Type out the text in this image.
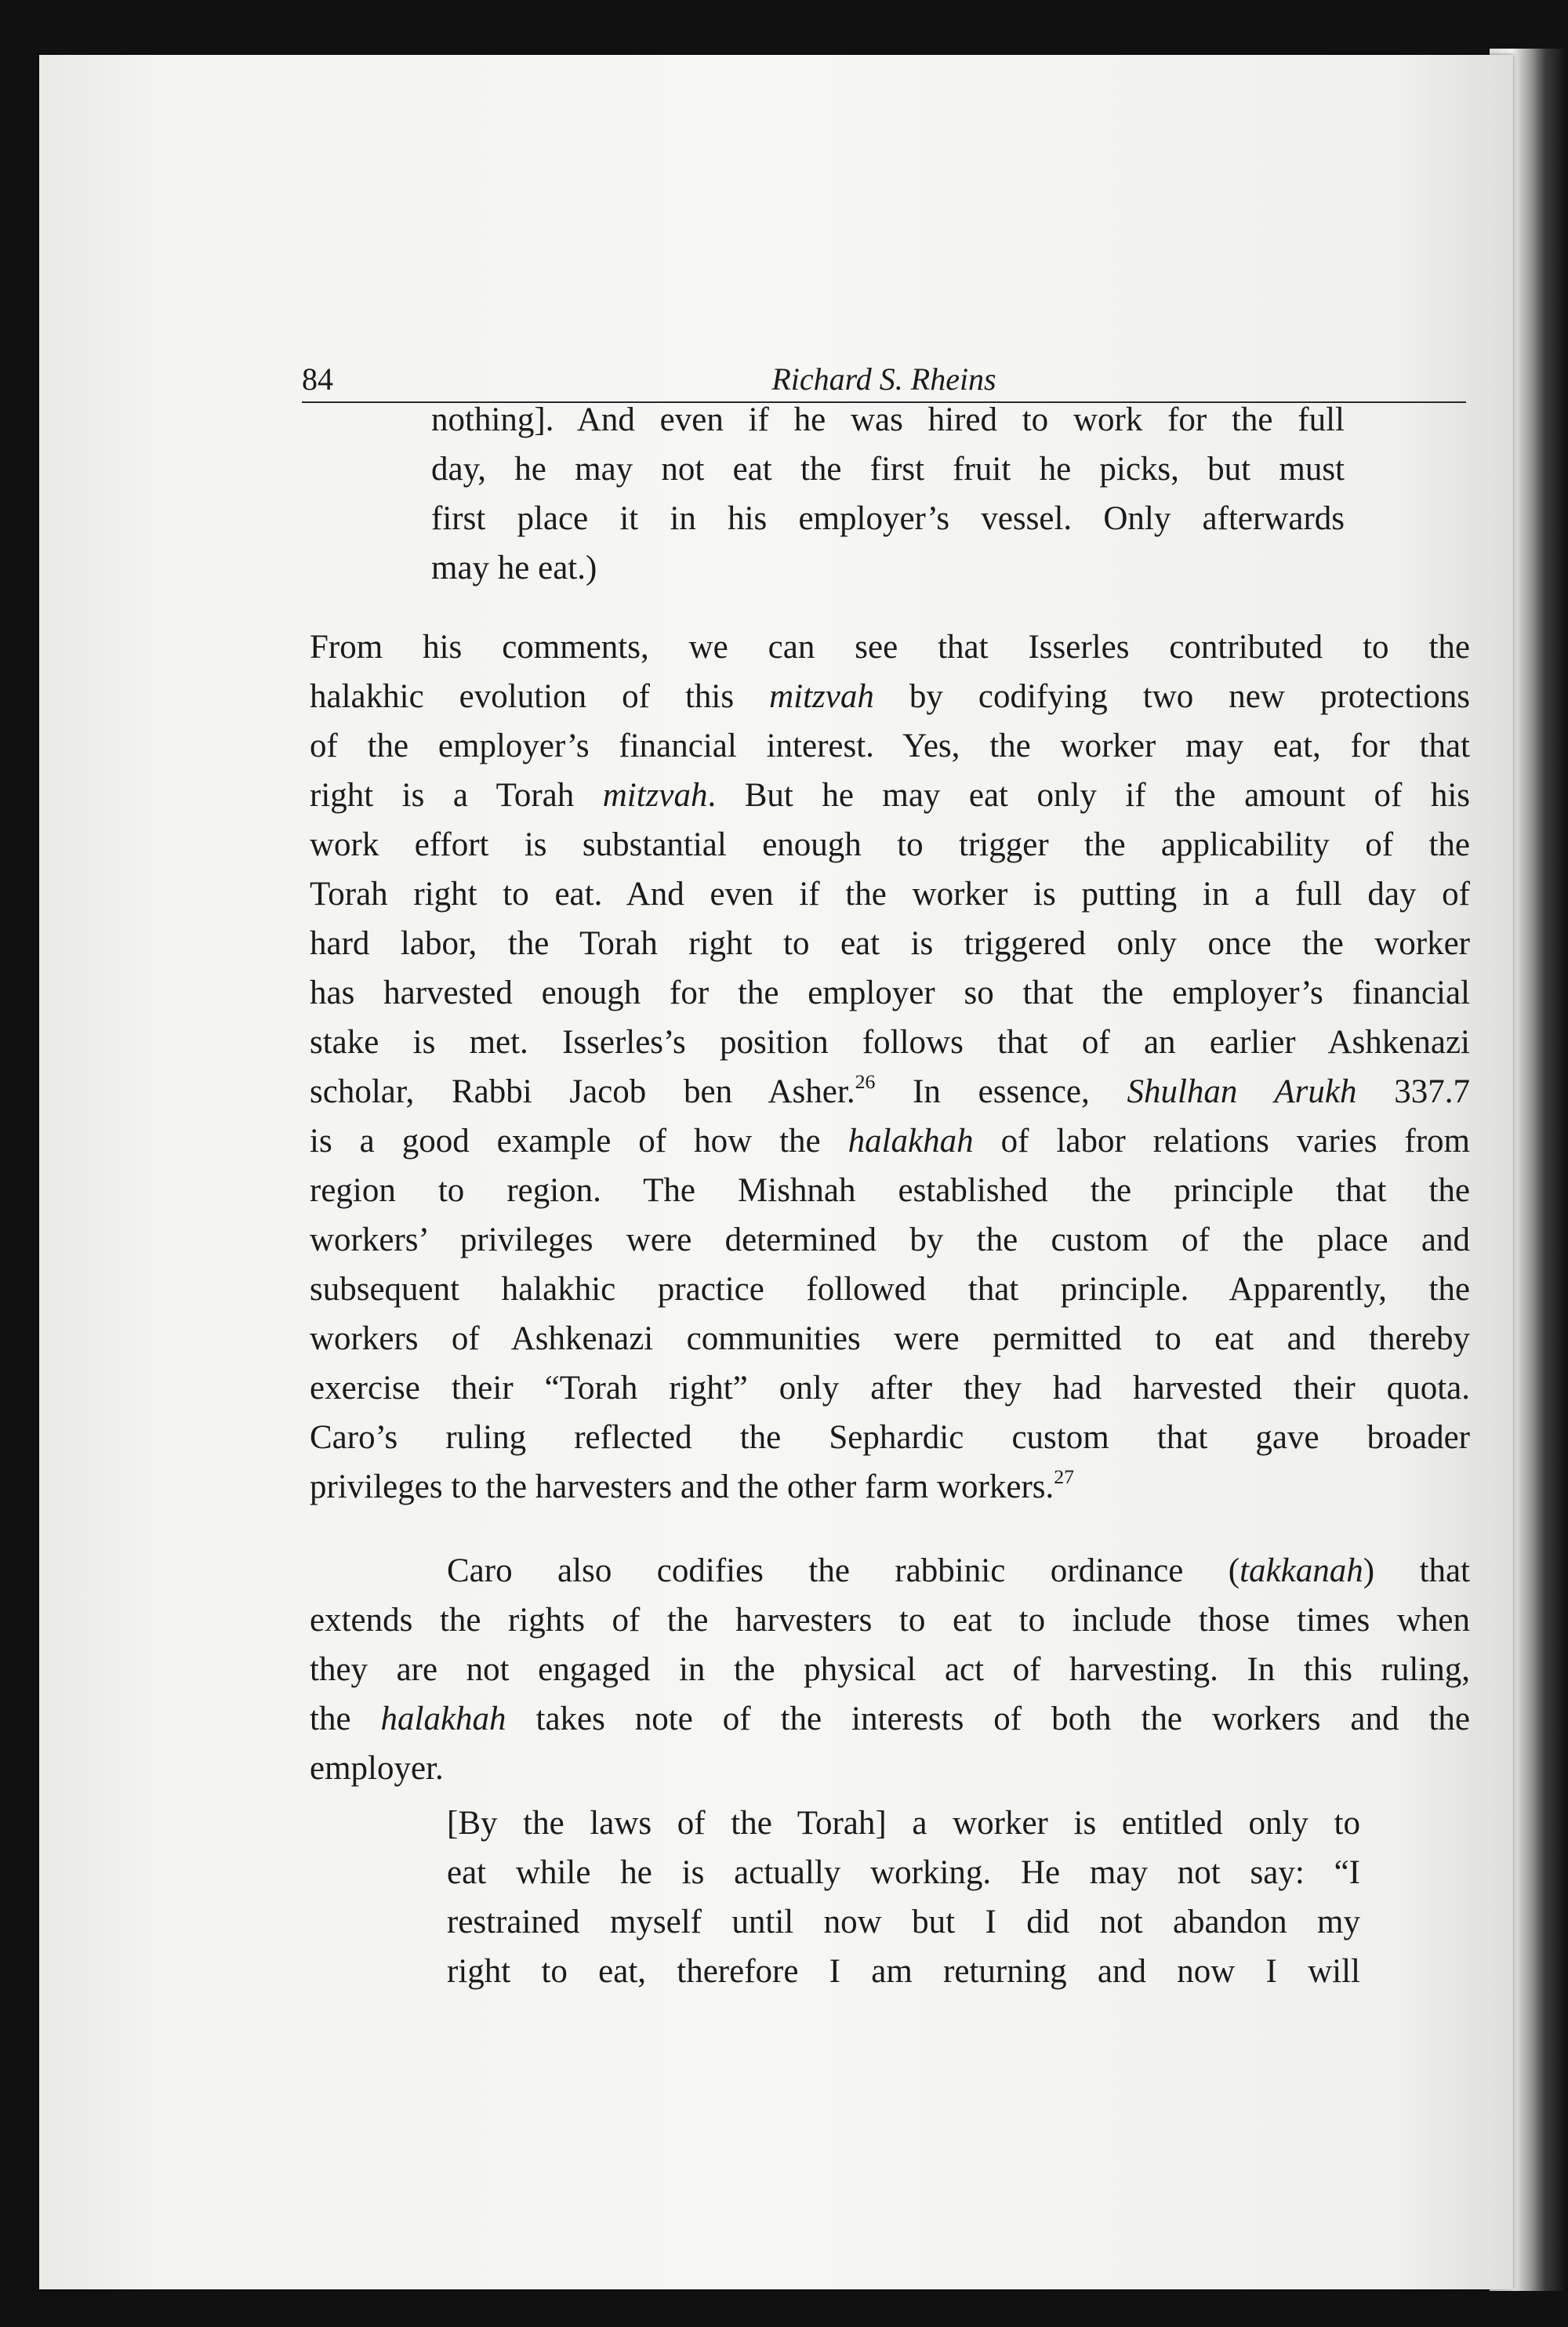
84	Richard S. Rheins
nothing]. And even if he was hired to work for the full
day, he may not eat the first fruit he picks, but must
first place it in his employer’s vessel. Only afterwards
may he eat.)
From his comments, we can see that Isserles contributed to the
halakhic evolution of this mitzvah by codifying two new protections
of the employer’s financial interest. Yes, the worker may eat, for that
right is a Torah mitzvah. But he may eat only if the amount of his
work effort is substantial enough to trigger the applicability of the
Torah right to eat. And even if the worker is putting in a full day of
hard labor, the Torah right to eat is triggered only once the worker
has harvested enough for the employer so that the employer’s financial
stake is met. Isserles’s position follows that of an earlier Ashkenazi
scholar, Rabbi Jacob ben Asher.$^{26}$ In essence, Shulhan Arukh 337.7
is a good example of how the halakhah of labor relations varies from
region to region. The Mishnah established the principle that the
workers’ privileges were determined by the custom of the place and
subsequent halakhic practice followed that principle. Apparently, the
workers of Ashkenazi communities were permitted to eat and thereby
exercise their “Torah right” only after they had harvested their quota.
Caro’s ruling reflected the Sephardic custom that gave broader
privileges to the harvesters and the other farm workers.$^{27}$
Caro also codifies the rabbinic ordinance (takkanah) that
extends the rights of the harvesters to eat to include those times when
they are not engaged in the physical act of harvesting. In this ruling,
the halakhah takes note of the interests of both the workers and the
employer.
[By the laws of the Torah] a worker is entitled only to
eat while he is actually working. He may not say: “I
restrained myself until now but I did not abandon my
right to eat, therefore I am returning and now I will
